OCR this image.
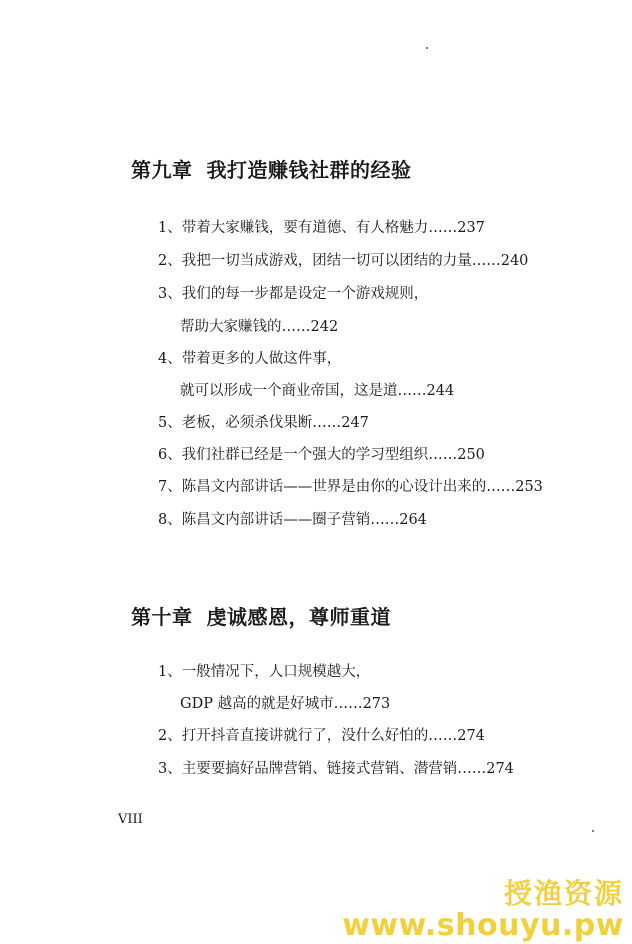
第九章 我打造赚钱社群的经验
1、带着大家赚钱，要有道德、有人格魅力……237
2、我把一切当成游戏，团结一切可以团结的力量……240
3、我们的每一步都是设定一个游戏规则，
帮助大家赚钱的……242
4、带着更多的人做这件事，
就可以形成一个商业帝国，这是道……244
5、老板，必须杀伐果断……247
6、我们社群已经是一个强大的学习型组织……250
7、陈昌文内部讲话——世界是由你的心设计出来的……253
8、陈昌文内部讲话——圈子营销……264
第十章 虔诚感恩，尊师重道
1、一般情况下，人口规模越大，
GDP 越高的就是好城市……273
2、打开抖音直接讲就行了，没什么好怕的……274
3、主要要搞好品牌营销、链接式营销、潜营销……274
VIII
授渔资源
www.shouyu.pw
